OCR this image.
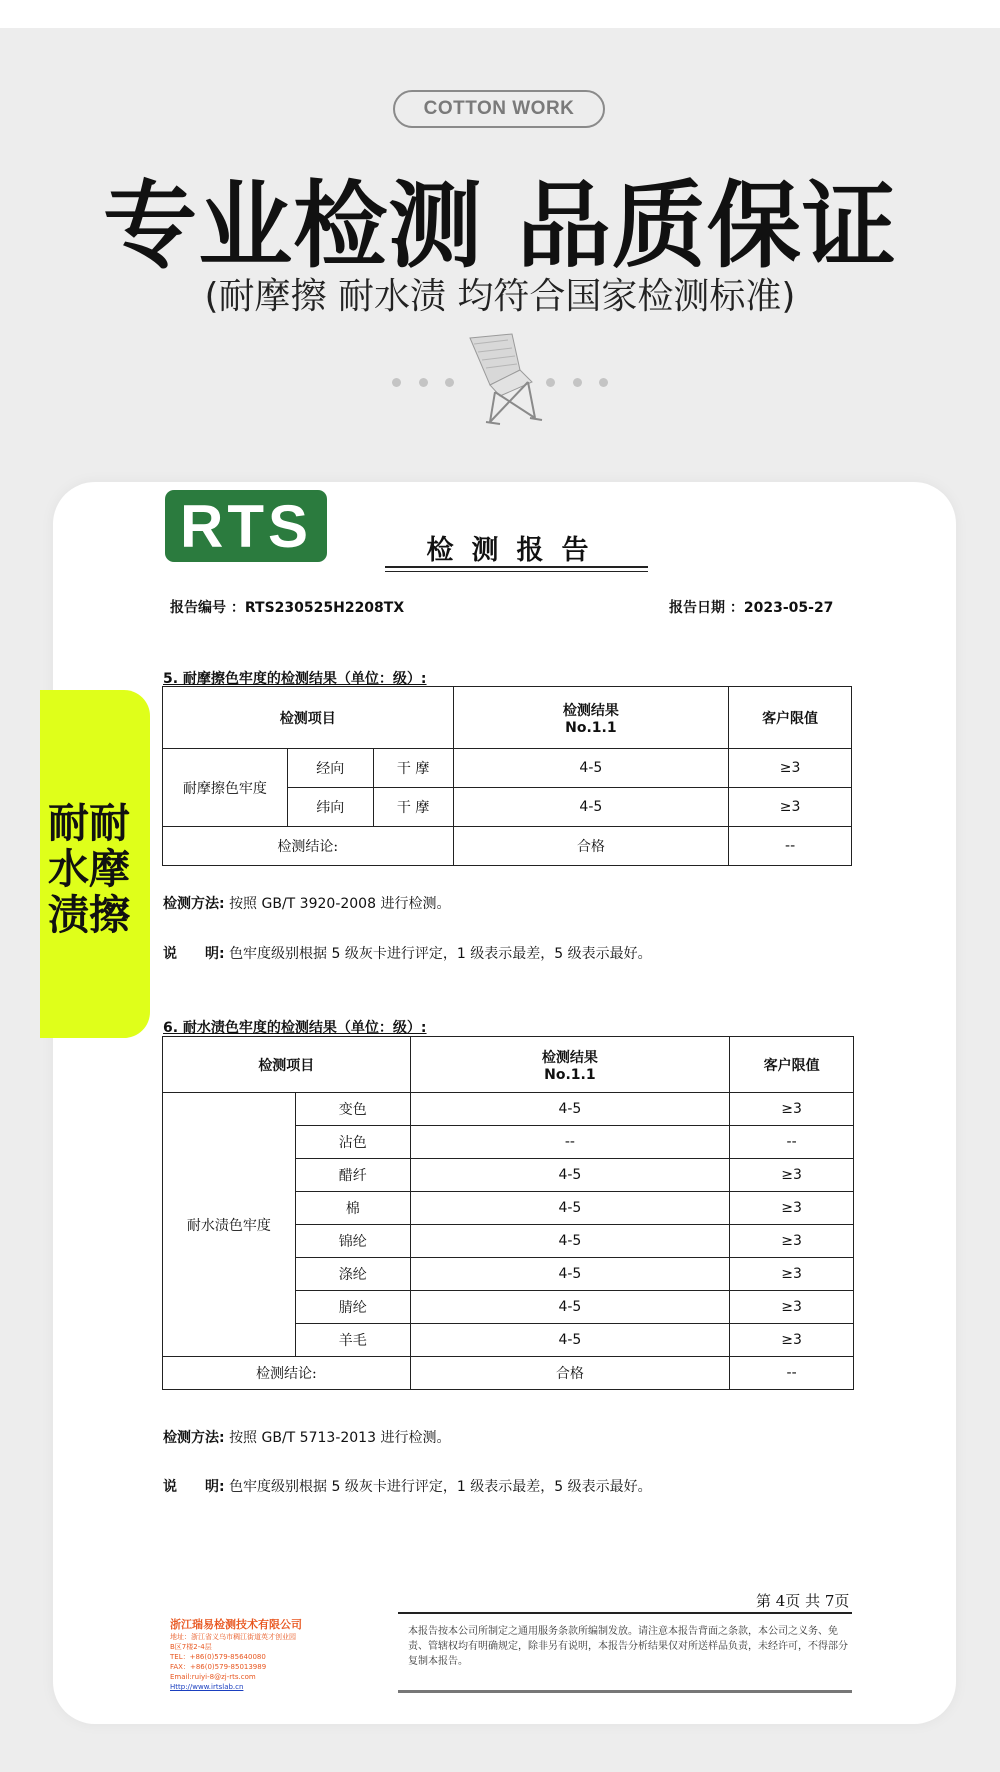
COTTON WORK
专业检测 品质保证
(耐摩擦 耐水渍 均符合国家检测标准)
耐耐
水摩
渍擦
RTS	检测报告
报告编号 ：RTS230525H2208TX	报告日期 ：2023-05-27
5. 耐摩擦色牢度的检测结果（单位：级）:
检测项目			检测结果
No.1.1	客户限值
耐摩擦色牢度	经向	干 摩	4-5	≥3
	纬向	干 摩	4-5	≥3
检测结论:			合格	--
检测方法: 按照 GB/T 3920-2008 进行检测。
说　　明: 色牢度级别根据 5 级灰卡进行评定，1 级表示最差，5 级表示最好。
6. 耐水渍色牢度的检测结果（单位：级）:
检测项目		检测结果
No.1.1	客户限值
耐水渍色牢度	变色	4-5	≥3
	沾色	--	--
	醋纤	4-5	≥3
	棉	4-5	≥3
	锦纶	4-5	≥3
	涤纶	4-5	≥3
	腈纶	4-5	≥3
	羊毛	4-5	≥3
检测结论:		合格	--
检测方法: 按照 GB/T 5713-2013 进行检测。
说　　明: 色牢度级别根据 5 级灰卡进行评定，1 级表示最差，5 级表示最好。
第 4页 共 7页
本报告按本公司所制定之通用服务条款所编制发放。请注意本报告背面之条款，本公司之义务、免责、管辖权均有明确规定，除非另有说明，本报告分析结果仅对所送样品负责，未经许可，不得部分复制本报告。
浙江瑞易检测技术有限公司
地址：浙江省义乌市稠江街道英才创业园
B区7楼2-4层
TEL：+86(0)579-85640080
FAX：+86(0)579-85013989
Email:ruiyi-8@zj-rts.com
Http://www.irtslab.cn
